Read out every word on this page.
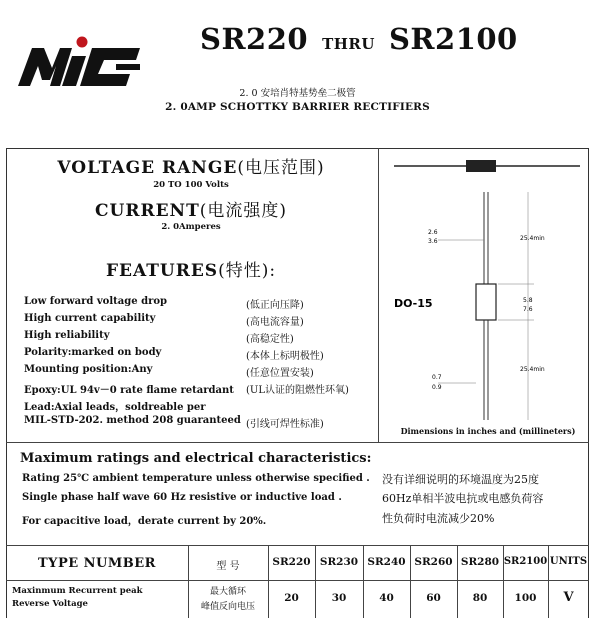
SR220 THRU SR2100
2. 0 安培肖特基势垒二极管
2. 0AMP SCHOTTKY BARRIER RECTIFIERS
VOLTAGE RANGE(电压范围)
20 TO 100 Volts
CURRENT(电流强度)
2. 0Amperes
FEATURES(特性):
Low forward voltage drop	(低正向压降)
High current capability	(高电流容量)
High reliability	(高稳定性)
Polarity:marked on body	(本体上标明极性)
Mounting position:Any	(任意位置安装)
Epoxy:UL 94v－0 rate flame retardant (UL认证的阻燃性环氧)
Lead:Axial leads，soldreable per
MIL-STD-202. method 208 guaranteed (引线可焊性标准)
2.6
3.6	25.4min
5.8
7.6
25.4min
0.7
0.9
DO-15
Dimensions in inches and (millineters)
Maximum ratings and electrical characteristics:
Rating 25℃ ambient temperature unless otherwise specified .
Single phase half wave 60 Hz resistive or inductive load .
For capacitive load，derate current by 20%.
没有详细说明的环境温度为25度
60Hz单相半波电抗或电感负荷容
性负荷时电流减少20%
TYPE NUMBER	型 号	SR220 SR230 SR240 SR260 SR280 SR2100 UNITS
Maxinmum Recurrent peak
Reverse Voltage
最大循环
峰值反向电压
20	30	40	60	80	100	V
